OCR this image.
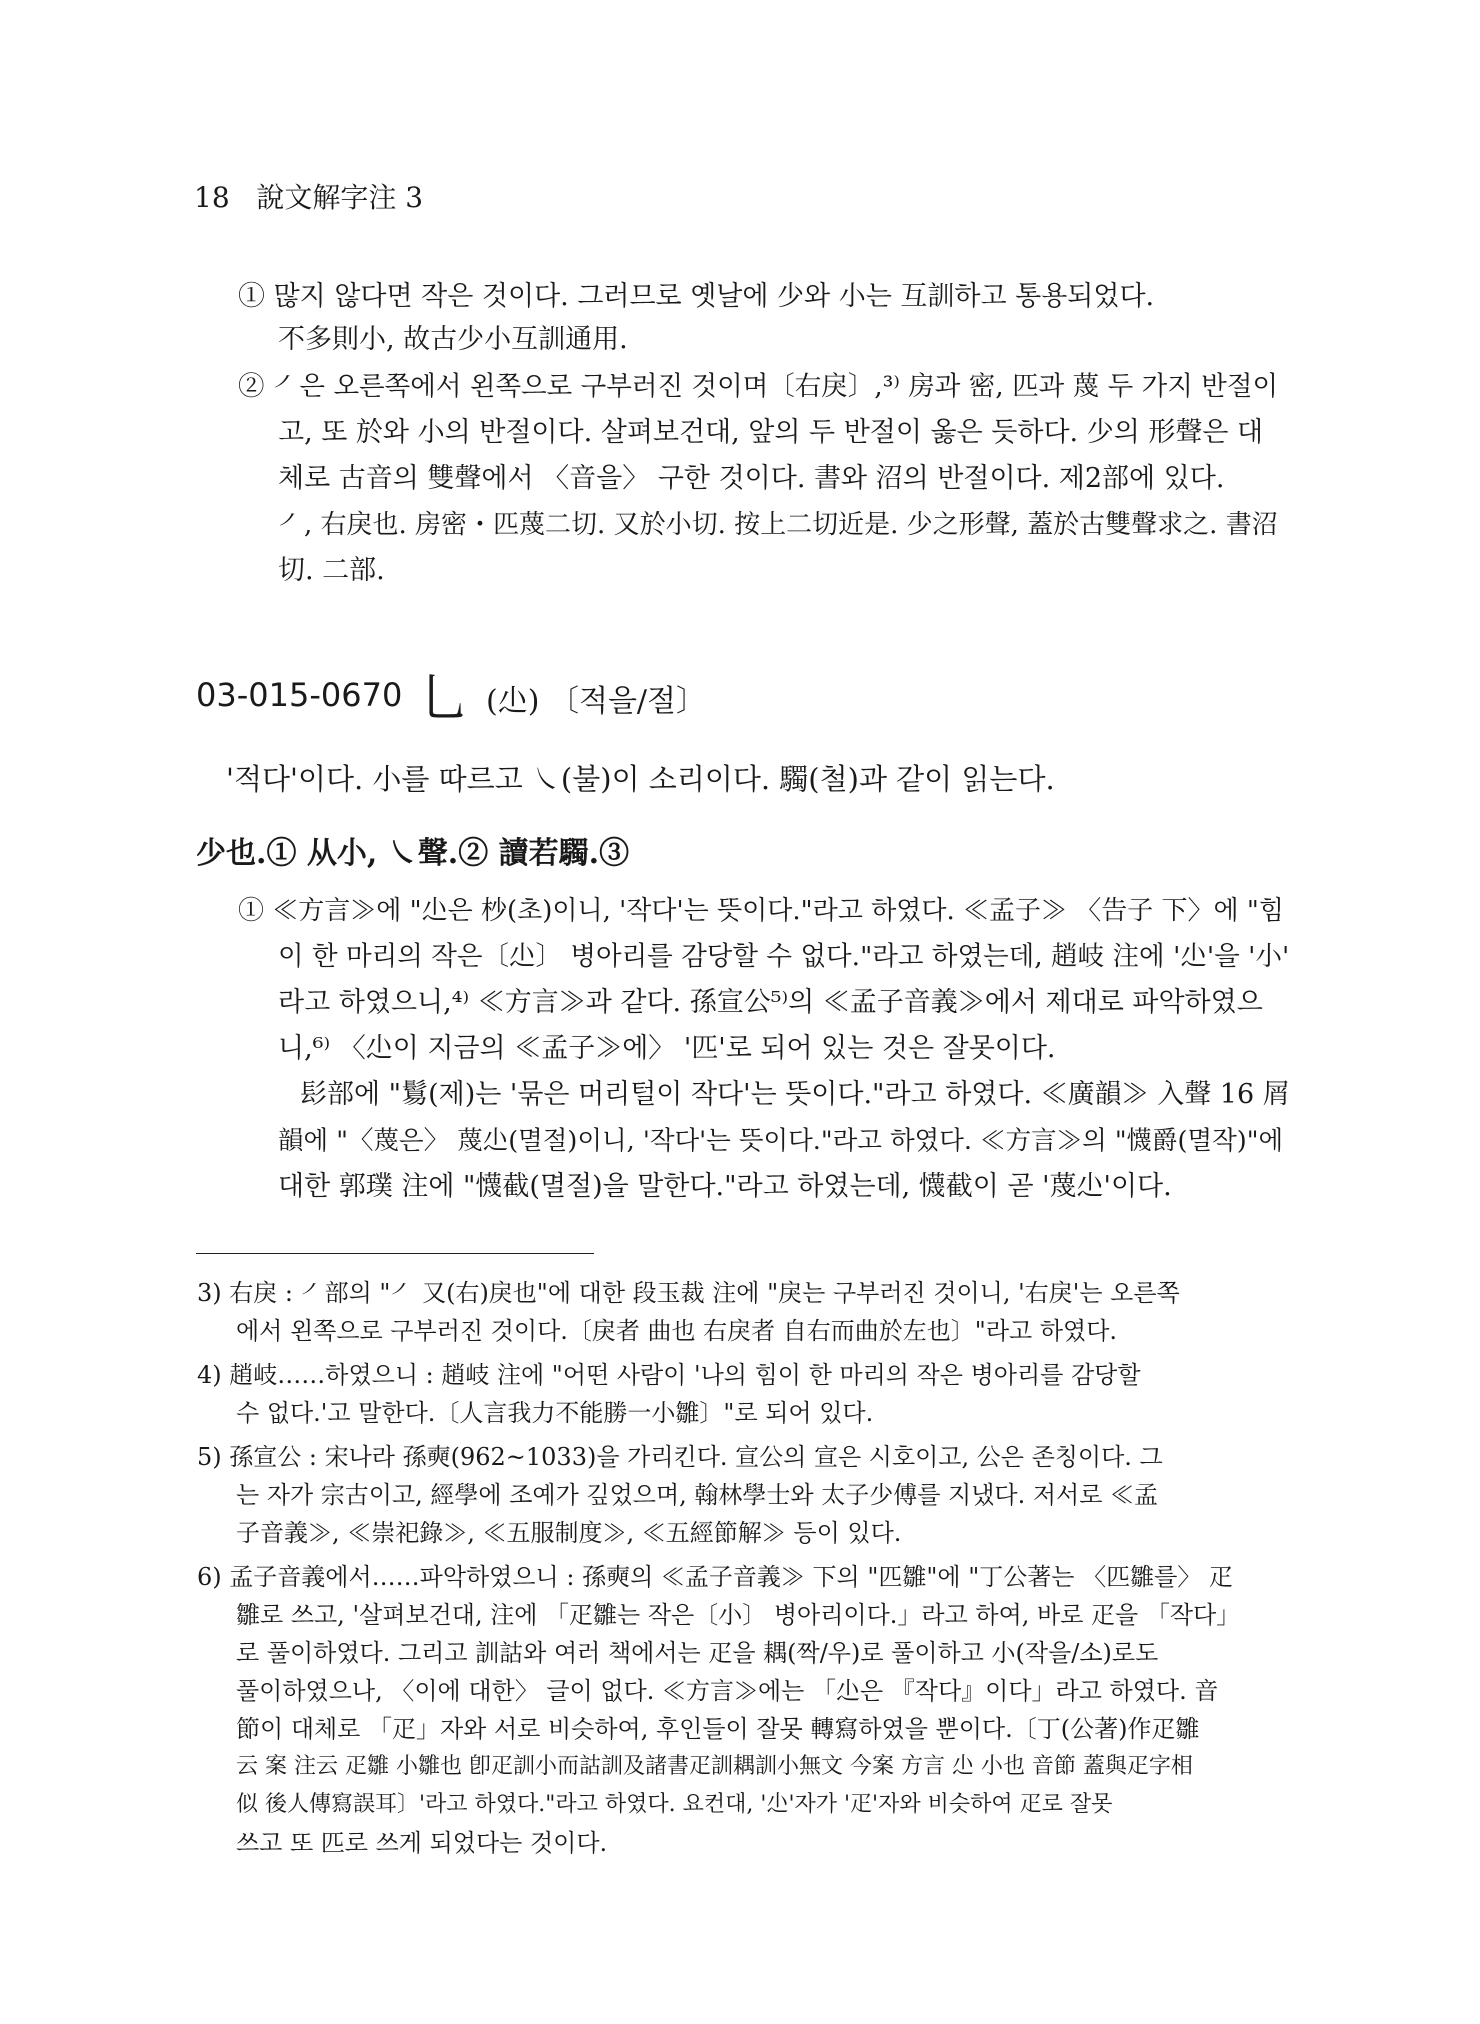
18 說文解字注 3
① 많지 않다면 작은 것이다. 그러므로 옛날에 少와 小는 互訓하고 통용되었다.
不多則小, 故古少小互訓通用.
② ㇒은 오른쪽에서 왼쪽으로 구부러진 것이며〔右戾〕,³⁾ 房과 密, 匹과 蔑 두 가지 반절이
고, 또 於와 小의 반절이다. 살펴보건대, 앞의 두 반절이 옳은 듯하다. 少의 形聲은 대
체로 古音의 雙聲에서 〈音을〉 구한 것이다. 書와 沼의 반절이다. 제2部에 있다.
㇒, 右戾也. 房密・匹蔑二切. 又於小切. 按上二切近是. 少之形聲, 蓋於古雙聲求之. 書沼
切. 二部.
03-015-0670 乚 (尐) 〔적을/절〕
'적다'이다. 小를 따르고 ㇏(불)이 소리이다. 䮷(철)과 같이 읽는다.
少也.① 从小, ㇏聲.② 讀若䮷.③
① ≪方言≫에 "尐은 杪(초)이니, '작다'는 뜻이다."라고 하였다. ≪孟子≫ 〈告子 下〉에 "힘
이 한 마리의 작은〔尐〕 병아리를 감당할 수 없다."라고 하였는데, 趙岐 注에 '尐'을 '小'
라고 하였으니,⁴⁾ ≪方言≫과 같다. 孫宣公⁵⁾의 ≪孟子音義≫에서 제대로 파악하였으
니,⁶⁾ 〈尐이 지금의 ≪孟子≫에〉 '匹'로 되어 있는 것은 잘못이다.
髟部에 "鬄(제)는 '묶은 머리털이 작다'는 뜻이다."라고 하였다. ≪廣韻≫ 入聲 16 屑
韻에 "〈蔑은〉 蔑尐(멸절)이니, '작다'는 뜻이다."라고 하였다. ≪方言≫의 "懱爵(멸작)"에
대한 郭璞 注에 "懱截(멸절)을 말한다."라고 하였는데, 懱截이 곧 '蔑尐'이다.
3) 右戾 : ㇒部의 "㇒ 又(右)戾也"에 대한 段玉裁 注에 "戾는 구부러진 것이니, '右戾'는 오른쪽
에서 왼쪽으로 구부러진 것이다.〔戾者 曲也 右戾者 自右而曲於左也〕"라고 하였다.
4) 趙岐……하였으니 : 趙岐 注에 "어떤 사람이 '나의 힘이 한 마리의 작은 병아리를 감당할
수 없다.'고 말한다.〔人言我力不能勝一小雛〕"로 되어 있다.
5) 孫宣公 : 宋나라 孫奭(962~1033)을 가리킨다. 宣公의 宣은 시호이고, 公은 존칭이다. 그
는 자가 宗古이고, 經學에 조예가 깊었으며, 翰林學士와 太子少傅를 지냈다. 저서로 ≪孟
子音義≫, ≪崇祀錄≫, ≪五服制度≫, ≪五經節解≫ 등이 있다.
6) 孟子音義에서……파악하였으니 : 孫奭의 ≪孟子音義≫ 下의 "匹雛"에 "丁公著는 〈匹雛를〉 疋
雛로 쓰고, '살펴보건대, 注에 「疋雛는 작은〔小〕 병아리이다.」라고 하여, 바로 疋을 「작다」
로 풀이하였다. 그리고 訓詁와 여러 책에서는 疋을 耦(짝/우)로 풀이하고 小(작을/소)로도
풀이하였으나, 〈이에 대한〉 글이 없다. ≪方言≫에는 「尐은 『작다』이다」라고 하였다. 音
節이 대체로 「疋」자와 서로 비슷하여, 후인들이 잘못 轉寫하였을 뿐이다.〔丁(公著)作疋雛
云 案 注云 疋雛 小雛也 卽疋訓小而詁訓及諸書疋訓耦訓小無文 今案 方言 尐 小也 音節 蓋與疋字相
似 後人傳寫誤耳〕'라고 하였다."라고 하였다. 요컨대, '尐'자가 '疋'자와 비슷하여 疋로 잘못
쓰고 또 匹로 쓰게 되었다는 것이다.
